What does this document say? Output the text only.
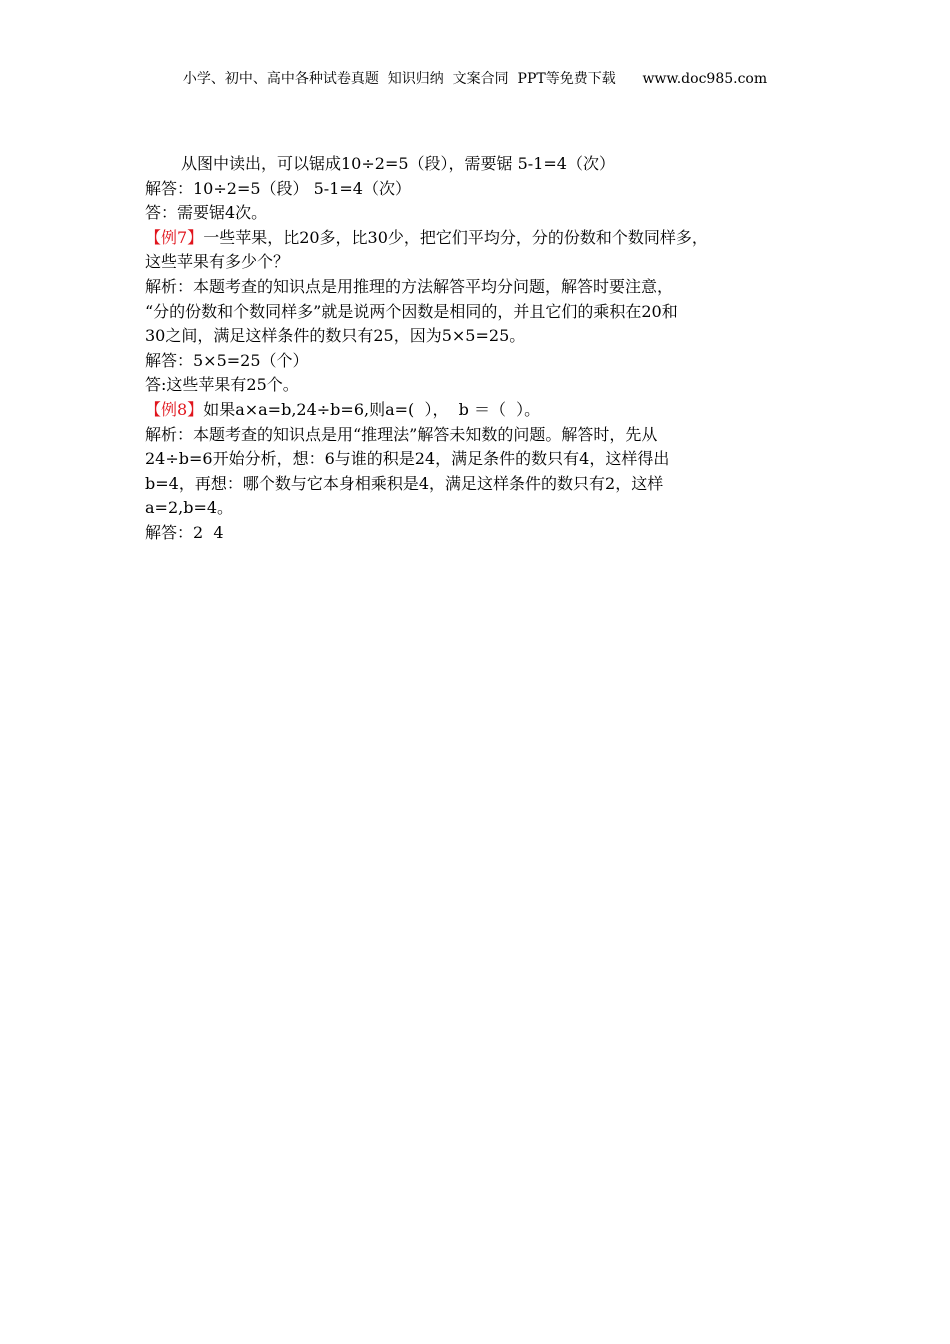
小学、初中、高中各种试卷真题  知识归纳  文案合同  PPT等免费下载      www.doc985.com
从图中读出，可以锯成10÷2=5（段），需要锯 5-1=4（次）
解答：10÷2=5（段） 5-1=4（次）
答：需要锯4次。
【例7】一些苹果，比20多，比30少，把它们平均分，分的份数和个数同样多，
这些苹果有多少个？
解析：本题考查的知识点是用推理的方法解答平均分问题，解答时要注意，
“分的份数和个数同样多”就是说两个因数是相同的，并且它们的乘积在20和
30之间，满足这样条件的数只有25，因为5×5=25。
解答：5×5=25（个）
答:这些苹果有25个。
【例8】如果a×a=b,24÷b=6,则a=(  ），  b ＝（  ）。
解析：本题考查的知识点是用“推理法”解答未知数的问题。解答时，先从
24÷b=6开始分析，想：6与谁的积是24，满足条件的数只有4，这样得出
b=4，再想：哪个数与它本身相乘积是4，满足这样条件的数只有2，这样
a=2,b=4。
解答：2  4
